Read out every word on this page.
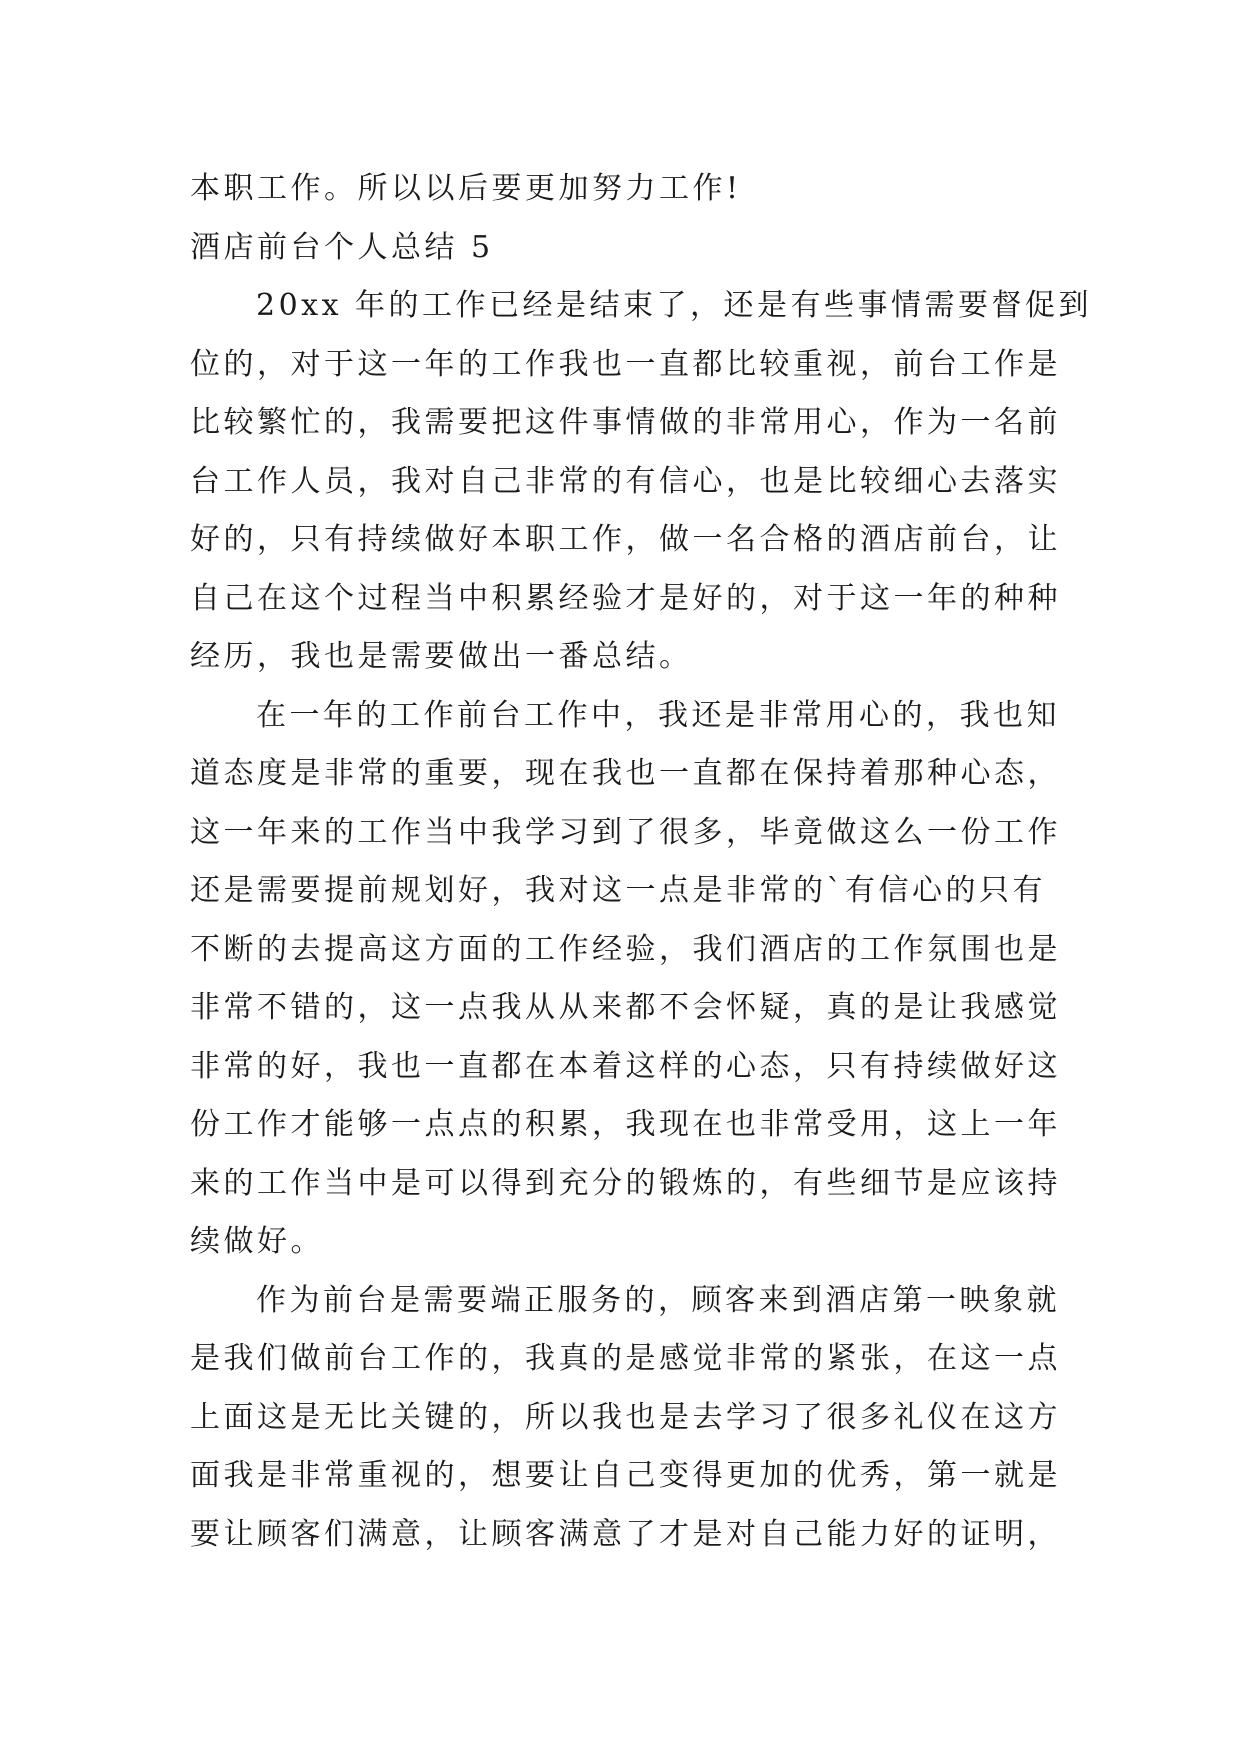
本职工作。所以以后要更加努力工作!
酒店前台个人总结 5
20xx 年的工作已经是结束了，还是有些事情需要督促到
位的，对于这一年的工作我也一直都比较重视，前台工作是
比较繁忙的，我需要把这件事情做的非常用心，作为一名前
台工作人员，我对自己非常的有信心，也是比较细心去落实
好的，只有持续做好本职工作，做一名合格的酒店前台，让
自己在这个过程当中积累经验才是好的，对于这一年的种种
经历，我也是需要做出一番总结。
在一年的工作前台工作中，我还是非常用心的，我也知
道态度是非常的重要，现在我也一直都在保持着那种心态，
这一年来的工作当中我学习到了很多，毕竟做这么一份工作
还是需要提前规划好，我对这一点是非常的`有信心的只有
不断的去提高这方面的工作经验，我们酒店的工作氛围也是
非常不错的，这一点我从从来都不会怀疑，真的是让我感觉
非常的好，我也一直都在本着这样的心态，只有持续做好这
份工作才能够一点点的积累，我现在也非常受用，这上一年
来的工作当中是可以得到充分的锻炼的，有些细节是应该持
续做好。
作为前台是需要端正服务的，顾客来到酒店第一映象就
是我们做前台工作的，我真的是感觉非常的紧张，在这一点
上面这是无比关键的，所以我也是去学习了很多礼仪在这方
面我是非常重视的，想要让自己变得更加的优秀，第一就是
要让顾客们满意，让顾客满意了才是对自己能力好的证明，
